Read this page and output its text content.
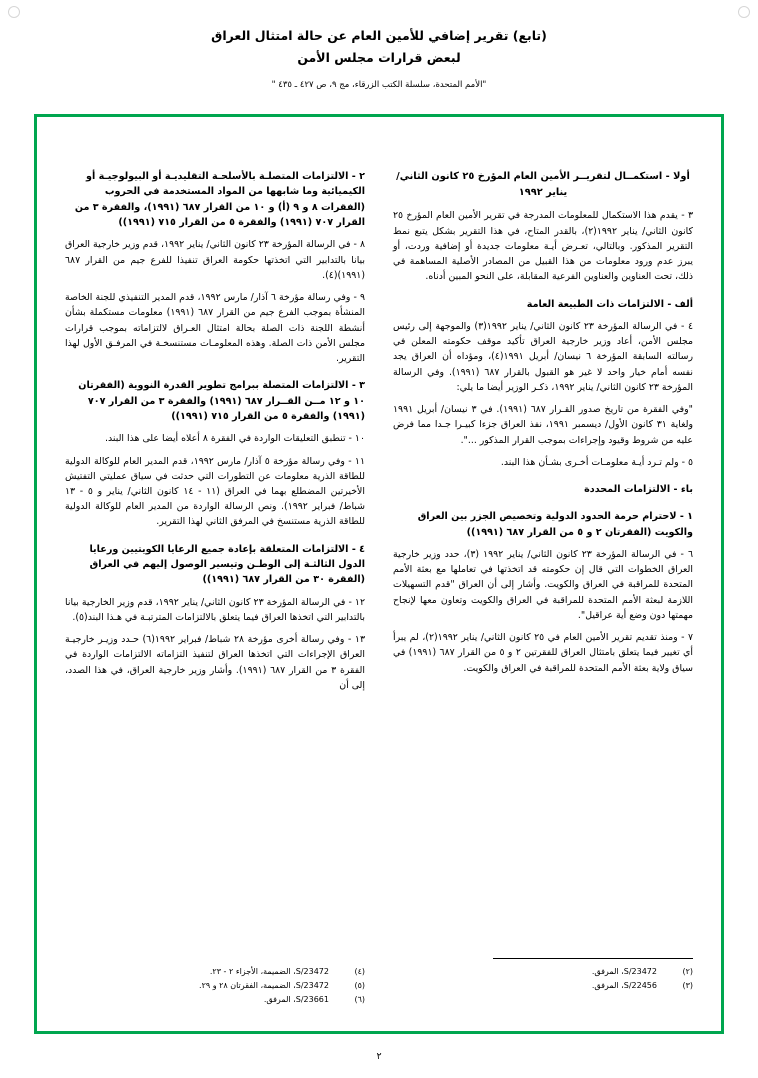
(تابع) تقرير إضافي للأمين العام عن حالة امتثال العراق
لبعض قرارات مجلس الأمن
"الأمم المتحدة، سلسلة الكتب الزرقاء، مج ٩، ص ٤٢٧ ـ ٤٣٥ "
أولا - استكمــال لتقريــر الأمين العام المؤرخ ٢٥ كانون الثاني/ يناير ١٩٩٢

٣ - يقدم هذا الاستكمال للمعلومات المدرجة في تقرير الأمين العام المؤرخ ٢٥ كانون الثاني/ يناير ١٩٩٢(٢)، بالقدر المتاح، في هذا التقرير بشكل يتبع نمط التقرير المذكور. وبالتالي، تعـرض أيـة معلومات جديدة أو إضافية وردت، أو يبرز عدم ورود معلومات من هذا القبيل من المصادر الأصلية المساهمة في ذلك، تحت العناوين والعناوين الفرعية المقابلة، على النحو المبين أدناه.

ألف - الالتزامات ذات الطبيعة العامة

٤ - في الرسالة المؤرخة ٢٣ كانون الثاني/ يناير ١٩٩٢(٣) والموجهة إلى رئيس مجلس الأمن، أعاد وزير خارجية العراق تأكيد موقف حكومته المعلن في رسالته السابقة المؤرخة ٦ نيسان/ أبريل ١٩٩١(٤)، ومؤداه أن العراق يجد نفسه أمام خيار واحد لا غير هو القبول بالقرار ٦٨٧ (١٩٩١). وفي الرسالة المؤرخة ٢٣ كانون الثاني/ يناير ١٩٩٢، ذكـر الوزير أيضا ما يلي:

"وفي الفقرة من تاريخ صدور القـرار ٦٨٧ (١٩٩١). في ٣ نيسان/ أبريل ١٩٩١ ولغاية ٣١ كانون الأول/ ديسمبر ١٩٩١، نفذ العراق جزءا كبيـرا جـدا مما فرض عليه من شروط وقيود وإجراءات بموجب القرار المذكور ...".

٥ - ولم تـرد أيـة معلومـات أخـرى بشـأن هذا البند.

باء - الالتزامات المحددة
١ - لاحترام حرمة الحدود الدولية وتخصيص الجزر بين العراق والكويت (الفقرتان ٢ و ٥ من القرار ٦٨٧ (١٩٩١))

٦ - في الرسالة المؤرخة ٢٣ كانون الثاني/ يناير ١٩٩٢ (٣)، حدد وزير خارجية العراق الخطوات التي قال إن حكومته قد اتخذتها في تعاملها مع بعثة الأمم المتحدة للمراقبة في العراق والكويت. وأشار إلى أن العراق "قدم التسهيلات اللازمة لبعثة الأمم المتحدة للمراقبة في العراق والكويت وتعاون معها لإنجاح مهمتها دون وضع أية عراقيل".

٧ - ومنذ تقديم تقرير الأمين العام في ٢٥ كانون الثاني/ يناير ١٩٩٢(٢)، لم يبرأ أي تغيير فيما يتعلق بامتثال العراق للفقرتين ٢ و ٥ من القرار ٦٨٧ (١٩٩١) في سياق ولاية بعثة الأمم المتحدة للمراقبة في العراق والكويت.

٢ - الالتزامات المتصلـة بالأسلحـة التقليديـة أو البيولوجيـة أو الكيميائية وما شابهها من المواد المستخدمة في الحروب (الفقرات ٨ و ٩ (أ) و ١٠ من القرار ٦٨٧ (١٩٩١)، والفقرة ٣ من القرار ٧٠٧ (١٩٩١) والفقرة ٥ من القرار ٧١٥ (١٩٩١))

٨ - في الرسالة المؤرخة ٢٣ كانون الثاني/ يناير ١٩٩٢، قدم وزير خارجية العراق بيانا بالتدابير التي اتخذتها حكومة العراق تنفيذا للفرع جيم من القرار ٦٨٧ (١٩٩١)(٤).

٩ - وفي رسالة مؤرخة ٦ آذار/ مارس ١٩٩٢، قدم المدير التنفيذي للجنة الخاصة المنشأة بموجب الفرع جيم من القرار ٦٨٧ (١٩٩١) معلومات مستكملة بشأن أنشطة اللجنة ذات الصلة بحالة امتثال العـراق لالتزاماته بموجب قرارات مجلس الأمن ذات الصلة. وهذه المعلومـات مستنسخـة في المرفـق الأول لهذا التقرير.

٣ - الالتزامات المتصلة ببرامج تطوير القدرة النووية (الفقرتان ١٠ و ١٢ مــن القــرار ٦٨٧ (١٩٩١) والفقرة ٣ من القرار ٧٠٧ (١٩٩١) والفقرة ٥ من القرار ٧١٥ (١٩٩١))

١٠ - تنطبق التعليقات الواردة في الفقرة ٨ أعلاه أيضا على هذا البند.

١١ - وفي رسالة مؤرخة ٥ آذار/ مارس ١٩٩٢، قدم المدير العام للوكالة الدولية للطاقة الذرية معلومات عن التطورات التي حدثت في سياق عمليتي التفتيش الأخيرتين المضطلع بهما في العراق (١١ - ١٤ كانون الثاني/ يناير و ٥ - ١٣ شباط/ فبراير ١٩٩٢). ونص الرسالة الواردة من المدير العام للوكالة الدولية للطاقة الذرية مستنسخ في المرفق الثاني لهذا التقرير.

٤ - الالتزامات المتعلقة بإعادة جميع الرعايا الكويتيين ورعايا الدول الثالثـة إلى الوطـن وتيسير الوصول إليهم في العراق (الفقرة ٣٠ من القرار ٦٨٧ (١٩٩١))

١٢ - في الرسالة المؤرخة ٢٣ كانون الثاني/ يناير ١٩٩٢، قدم وزير الخارجية بيانا بالتدابير التي اتخذها العراق فيما يتعلق بالالتزامات المترتبـة في هـذا البند(٥).

١٣ - وفي رسالة أخرى مؤرخة ٢٨ شباط/ فبراير ١٩٩٢(٦) حـدد وزيـر خارجيـة العراق الإجراءات التي اتخذها العراق لتنفيذ التزاماته الالتزامات الواردة في الفقرة ٣ من القرار ٦٨٧ (١٩٩١). وأشار وزير خارجية العراق، في هذا الصدد، إلى أن

(٢)
S/23472، المرفق.
(٣)
S/22456، المرفق.
(٤)
S/23472، الضميمة، الأجزاء ٢ - ٢٣.
(٥)
S/23472، الضميمة، الفقرتان ٢٨ و ٢٩.
(٦)
S/23661، المرفق.
٢
